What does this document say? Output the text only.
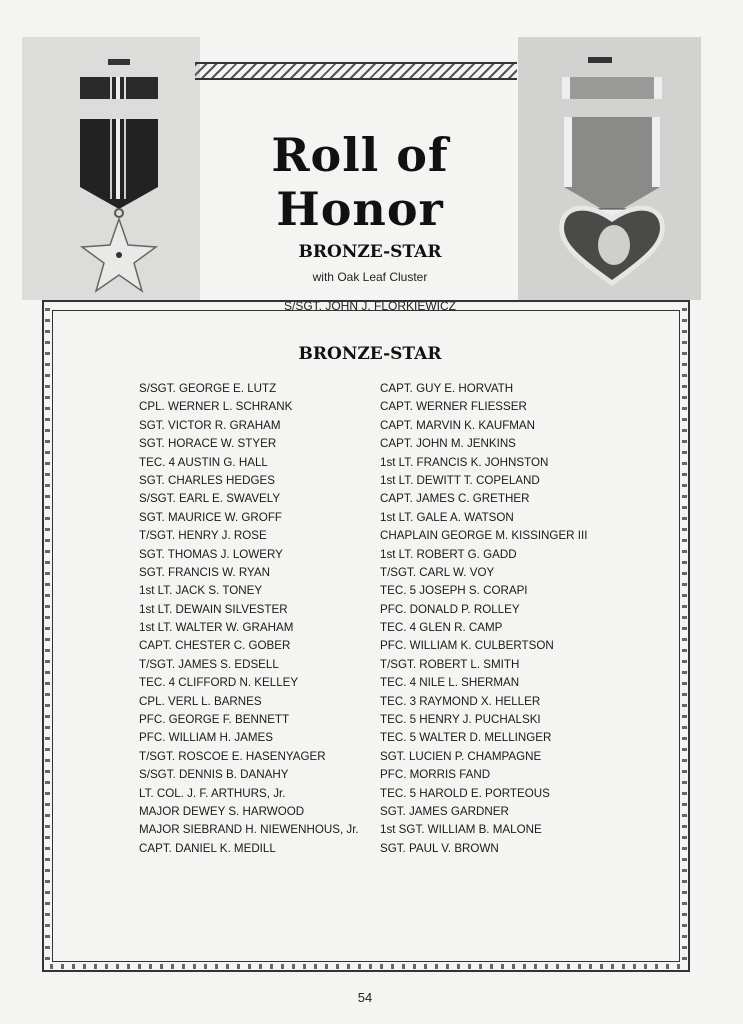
Roll of Honor
BRONZE-STAR
with Oak Leaf Cluster
S/SGT. JOHN J. FLORKIEWICZ
BRONZE-STAR
S/SGT. GEORGE E. LUTZ
CPL. WERNER L. SCHRANK
SGT. VICTOR R. GRAHAM
SGT. HORACE W. STYER
TEC. 4 AUSTIN G. HALL
SGT. CHARLES HEDGES
S/SGT. EARL E. SWAVELY
SGT. MAURICE W. GROFF
T/SGT. HENRY J. ROSE
SGT. THOMAS J. LOWERY
SGT. FRANCIS W. RYAN
1st LT. JACK S. TONEY
1st LT. DEWAIN SILVESTER
1st LT. WALTER W. GRAHAM
CAPT. CHESTER C. GOBER
T/SGT. JAMES S. EDSELL
TEC. 4 CLIFFORD N. KELLEY
CPL. VERL L. BARNES
PFC. GEORGE F. BENNETT
PFC. WILLIAM H. JAMES
T/SGT. ROSCOE E. HASENYAGER
S/SGT. DENNIS B. DANAHY
LT. COL. J. F. ARTHURS, Jr.
MAJOR DEWEY S. HARWOOD
MAJOR SIEBRAND H. NIEWENHOUS, Jr.
CAPT. DANIEL K. MEDILL
CAPT. GUY E. HORVATH
CAPT. WERNER FLIESSER
CAPT. MARVIN K. KAUFMAN
CAPT. JOHN M. JENKINS
1st LT. FRANCIS K. JOHNSTON
1st LT. DEWITT T. COPELAND
CAPT. JAMES C. GRETHER
1st LT. GALE A. WATSON
CHAPLAIN GEORGE M. KISSINGER III
1st LT. ROBERT G. GADD
T/SGT. CARL W. VOY
TEC. 5 JOSEPH S. CORAPI
PFC. DONALD P. ROLLEY
TEC. 4 GLEN R. CAMP
PFC. WILLIAM K. CULBERTSON
T/SGT. ROBERT L. SMITH
TEC. 4 NILE L. SHERMAN
TEC. 3 RAYMOND X. HELLER
TEC. 5 HENRY J. PUCHALSKI
TEC. 5 WALTER D. MELLINGER
SGT. LUCIEN P. CHAMPAGNE
PFC. MORRIS FAND
TEC. 5 HAROLD E. PORTEOUS
SGT. JAMES GARDNER
1st SGT. WILLIAM B. MALONE
SGT. PAUL V. BROWN
54
